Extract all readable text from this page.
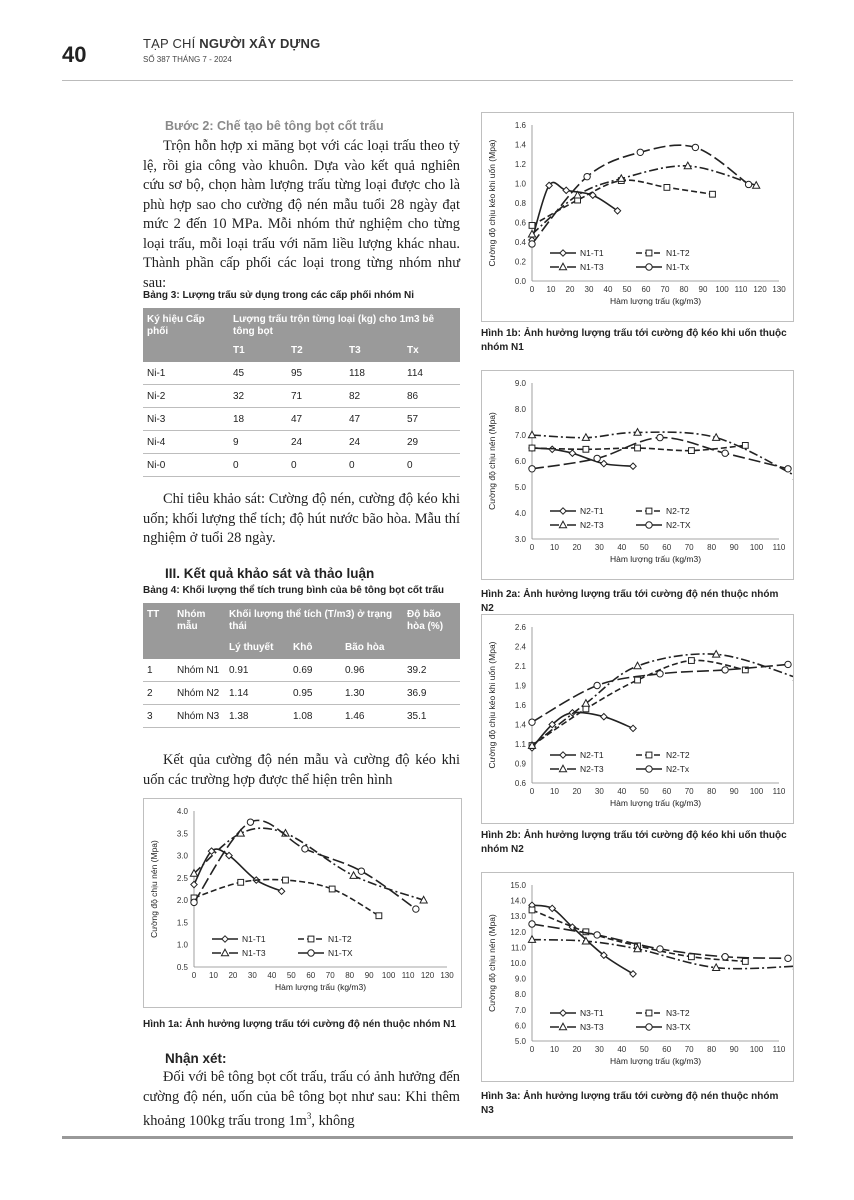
40	TẠP CHÍ NGƯỜI XÂY DỰNG
SỐ 387 THÁNG 7 - 2024
Bước 2: Chế tạo bê tông bọt cốt trấu
Trộn hỗn hợp xi măng bọt với các loại trấu theo tỷ lệ, rồi gia công vào khuôn. Dựa vào kết quả nghiên cứu sơ bộ, chọn hàm lượng trấu từng loại được cho là phù hợp sao cho cường độ nén mẫu tuổi 28 ngày đạt mức 2 đến 10 MPa. Mỗi nhóm thử nghiệm cho từng loại trấu, mỗi loại trấu với năm liều lượng khác nhau. Thành phần cấp phối các loại trong từng nhóm như sau:
Bảng 3: Lượng trấu sử dụng trong các cấp phối nhóm Ni
Ký hiệu Cấp phối	Lượng trấu trộn từng loại (kg) cho 1m3 bê tông bọt			
	T1	T2	T3	Tx
Ni-1	45	95	118	114
Ni-2	32	71	82	86
Ni-3	18	47	47	57
Ni-4	9	24	24	29
Ni-0	0	0	0	0
Chỉ tiêu khảo sát: Cường độ nén, cường độ kéo khi uốn; khối lượng thể tích; độ hút nước bão hòa. Mẫu thí nghiệm ở tuổi 28 ngày.
III. Kết quả khảo sát và thảo luận
Bảng 4: Khối lượng thể tích trung bình của bê tông bọt cốt trấu
TT	Nhóm mẫu	Khối lượng thể tích (T/m3) ở trạng thái			Độ bão hòa (%)
		Lý thuyết	Khô	Bão hòa	
1	Nhóm N1	0.91	0.69	0.96	39.2
2	Nhóm N2	1.14	0.95	1.30	36.9
3	Nhóm N3	1.38	1.08	1.46	35.1
Kết qủa cường độ nén mẫu và cường độ kéo khi uốn các trường hợp được thể hiện trên hình
0.5
1.0
1.5
2.0
2.5
3.0
3.5
4.0
0 10 20 30 40 50 60 70 80 90 100 110 120 130
Hàm lượng trấu (kg/m3)
Cường độ chịu nén (Mpa)
N1-T1	N1-T2
N1-T3	N1-TX
Hình 1a: Ảnh hưởng lượng trấu tới cường độ nén thuộc nhóm N1
Nhận xét:
Đối với bê tông bọt cốt trấu, trấu có ảnh hưởng đến cường độ nén, uốn của bê tông bọt như sau: Khi thêm khoảng 100kg trấu trong $1m^3$, không
0.0
0.2
0.4
0.6
0.8
1.0
1.2
1.4
1.6
0 10 20 30 40 50 60 70 80 90 100 110 120 130
Hàm lượng trấu (kg/m3)
Cường độ chịu kéo khi uốn (Mpa)	N1-T1	N1-T2
N1-T3	N1-Tx
Hình 1b: Ảnh hưởng lượng trấu tới cường độ kéo khi uốn thuộc nhóm N1
3.0
4.0
5.0
6.0
7.0
8.0
9.0
0 10 20 30 40 50 60 70 80 90 100 110
Hàm lượng trấu (kg/m3)
Cường độ chịu nén (Mpa)
N2-T1	N2-T2
N2-T3	N2-TX
Hình 2a: Ảnh hưởng lượng trấu tới cường độ nén thuộc nhóm N2
0.6
0.9
1.1
1.4
1.6
1.9
2.1
2.4
2.6
0 10 20 30 40 50 60 70 80 90 100 110
Hàm lượng trấu (kg/m3)
Cường độ chịu kéo khi uốn (Mpa)	N2-T1	N2-T2
N2-T3	N2-Tx
Hình 2b: Ảnh hưởng lượng trấu tới cường độ kéo khi uốn thuộc nhóm N2
5.0
6.0
7.0
8.0
9.0
10.0
11.0
12.0
13.0
14.0
15.0
0 10 20 30 40 50 60 70 80 90 100 110
Hàm lượng trấu (kg/m3)
Cường độ chịu nén (Mpa)
N3-T1	N3-T2
N3-T3	N3-TX
Hình 3a: Ảnh hưởng lượng trấu tới cường độ nén thuộc nhóm N3
